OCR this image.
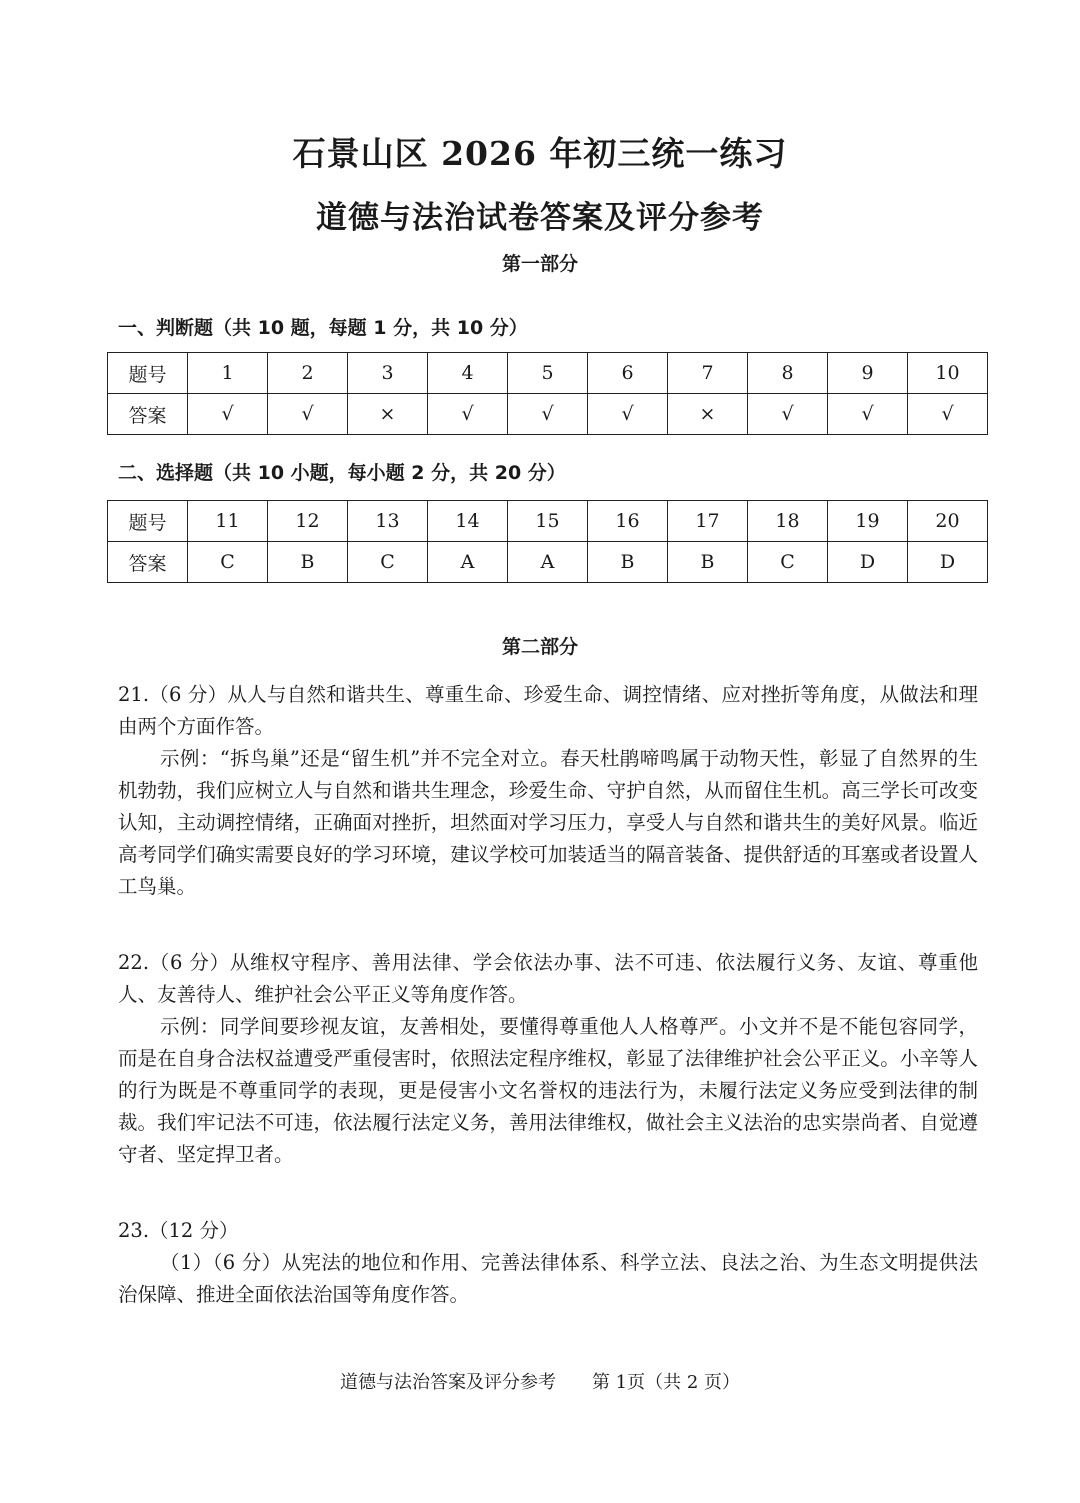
石景山区 2026 年初三统一练习
道德与法治试卷答案及评分参考
第一部分
一、判断题（共 10 题，每题 1 分，共 10 分）
题号	1	2	3	4	5	6	7	8	9	10
答案	√	√	×	√	√	√	×	√	√	√
二、选择题（共 10 小题，每小题 2 分，共 20 分）
题号	11	12	13	14	15	16	17	18	19	20
答案	C	B	C	A	A	B	B	C	D	D
第二部分

21.（6 分）从人与自然和谐共生、尊重生命、珍爱生命、调控情绪、应对挫折等角度，从做法和理由两个方面作答。

示例：“拆鸟巢”还是“留生机”并不完全对立。春天杜鹃啼鸣属于动物天性，彰显了自然界的生机勃勃，我们应树立人与自然和谐共生理念，珍爱生命、守护自然，从而留住生机。高三学长可改变认知，主动调控情绪，正确面对挫折，坦然面对学习压力，享受人与自然和谐共生的美好风景。临近高考同学们确实需要良好的学习环境，建议学校可加装适当的隔音装备、提供舒适的耳塞或者设置人工鸟巢。

22.（6 分）从维权守程序、善用法律、学会依法办事、法不可违、依法履行义务、友谊、尊重他人、友善待人、维护社会公平正义等角度作答。

示例：同学间要珍视友谊，友善相处，要懂得尊重他人人格尊严。小文并不是不能包容同学，而是在自身合法权益遭受严重侵害时，依照法定程序维权，彰显了法律维护社会公平正义。小辛等人的行为既是不尊重同学的表现，更是侵害小文名誉权的违法行为，未履行法定义务应受到法律的制裁。我们牢记法不可违，依法履行法定义务，善用法律维权，做社会主义法治的忠实崇尚者、自觉遵守者、坚定捍卫者。

23.（12 分）

（1）（6 分）从宪法的地位和作用、完善法律体系、科学立法、良法之治、为生态文明提供法治保障、推进全面依法治国等角度作答。

道德与法治答案及评分参考 第 1页（共 2 页）
